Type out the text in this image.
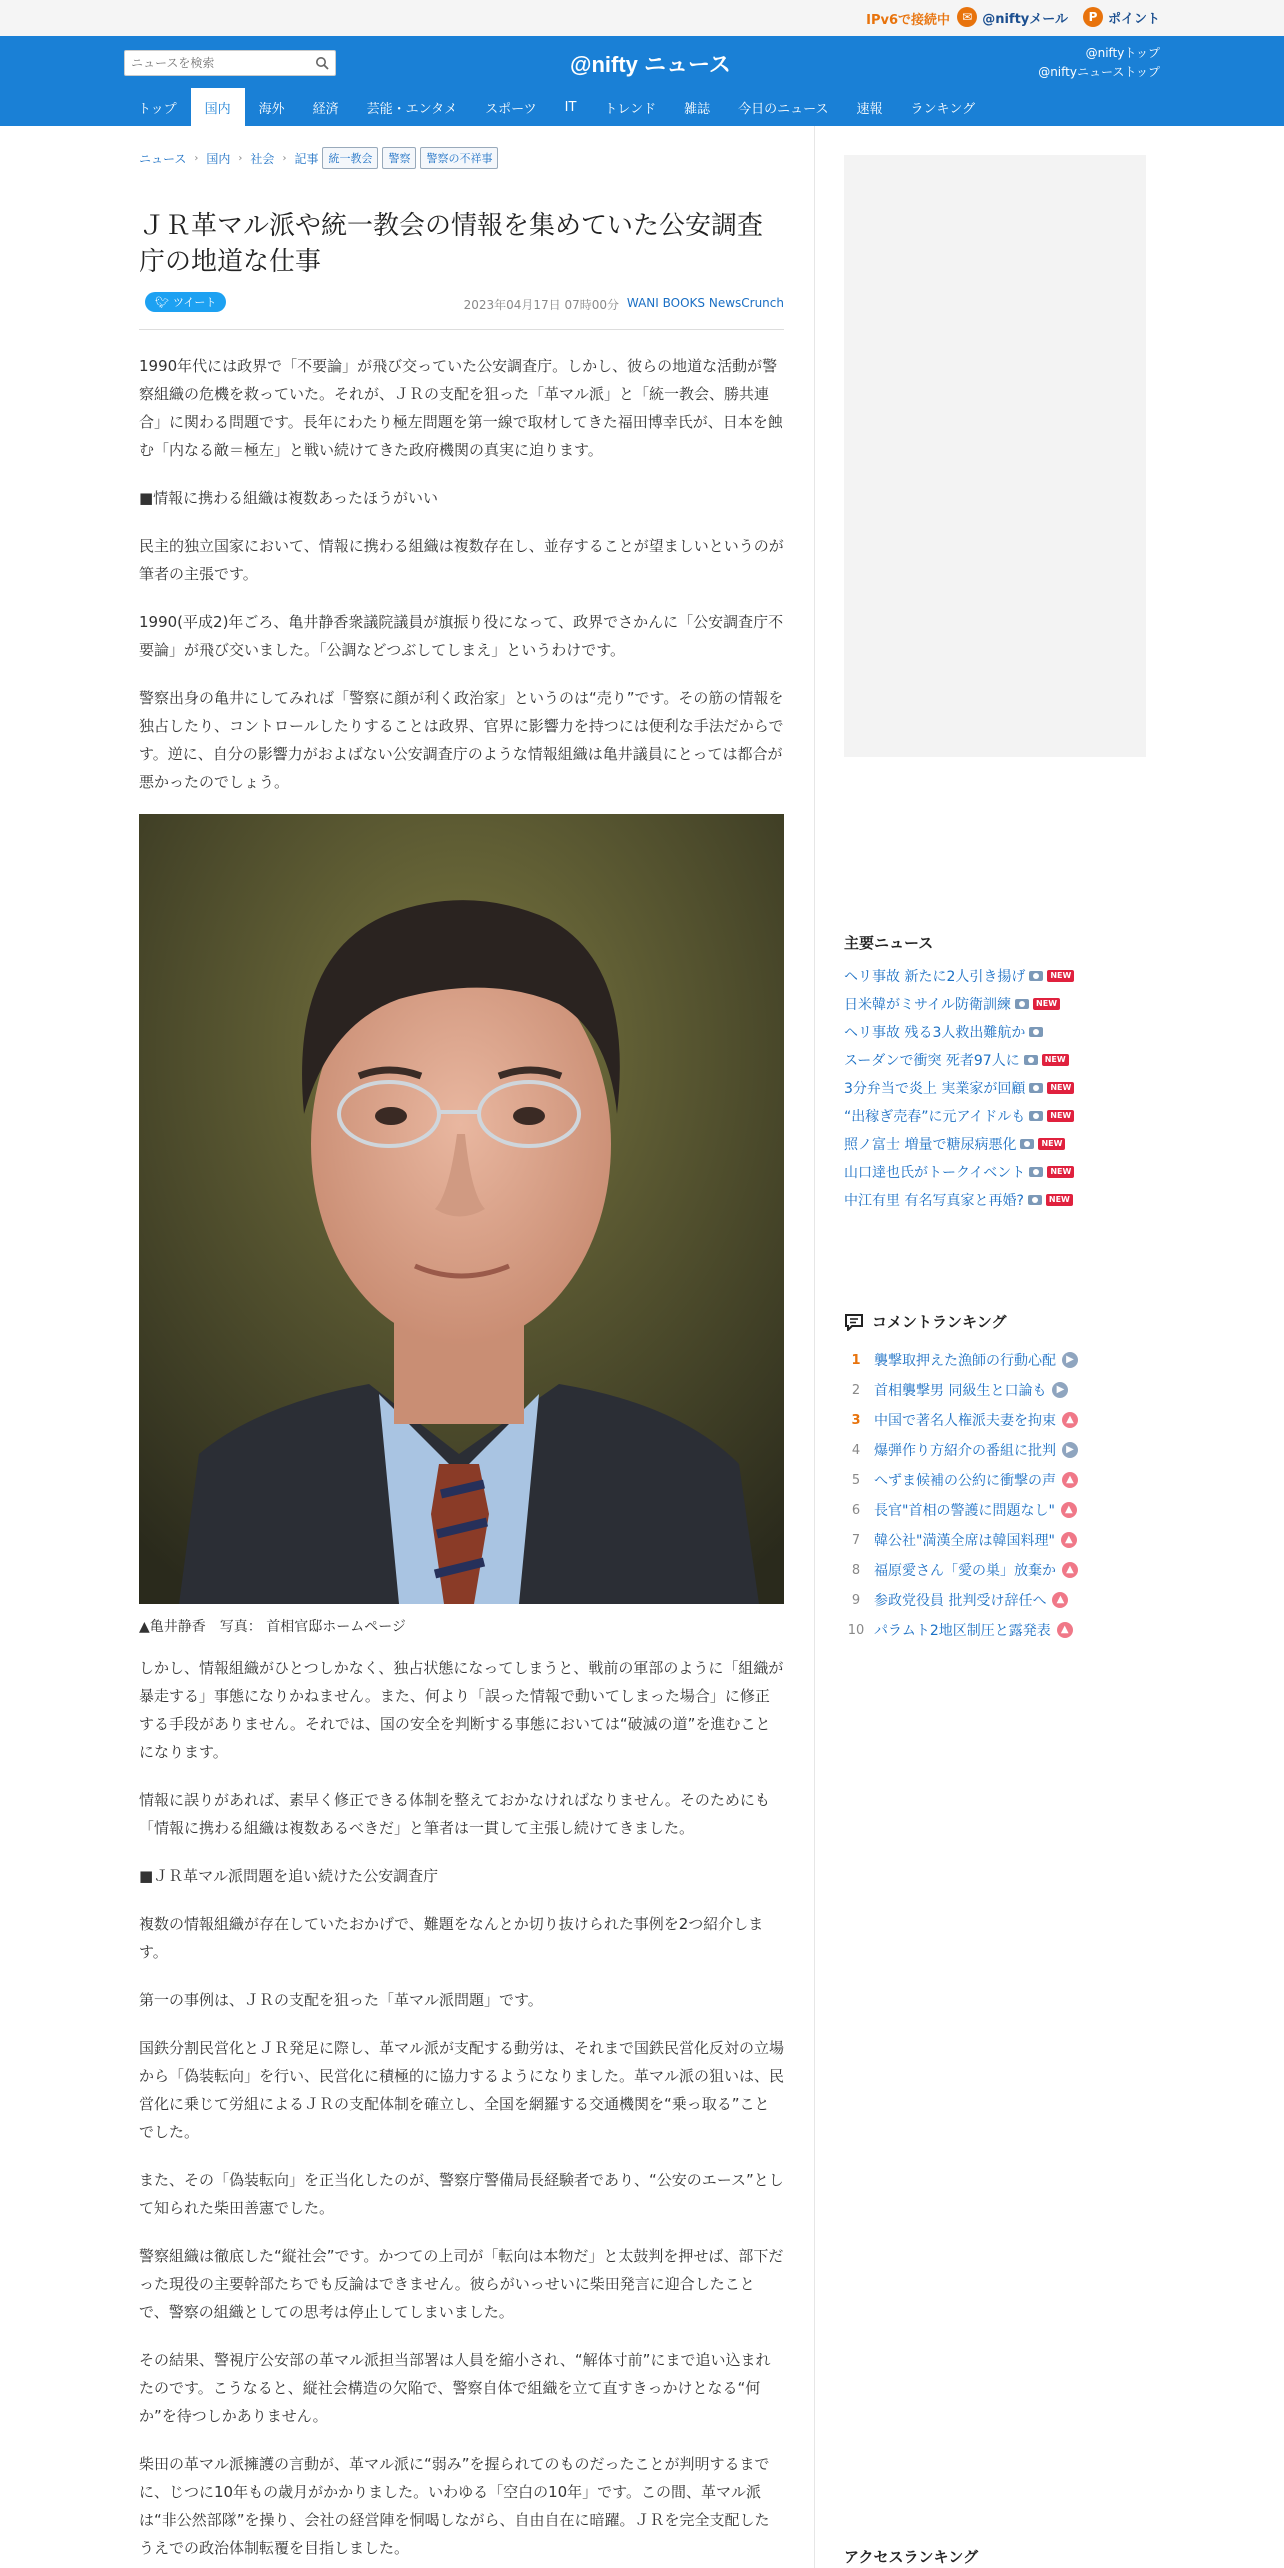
IPv6で接続中	✉ @niftyメール	P ポイント
ニュースを検索
@nifty ニュース	@niftyトップ
@niftyニューストップ
トップ	国内	海外	経済	芸能・エンタメ	スポーツ	IT	トレンド	雑誌	今日のニュース	速報	ランキング
ニュース › 国内 › 社会 › 記事 統一教会	警察	警察の不祥事
ＪＲ革マル派や統一教会の情報を集めていた公安調査庁の地道な仕事
🐦︎ ツイート	2023年04月17日 07時00分 WANI BOOKS NewsCrunch

1990年代には政界で「不要論」が飛び交っていた公安調査庁。しかし、彼らの地道な活動が警察組織の危機を救っていた。それが、ＪＲの支配を狙った「革マル派」と「統一教会、勝共連合」に関わる問題です。長年にわたり極左問題を第一線で取材してきた福田博幸氏が、日本を蝕む「内なる敵＝極左」と戦い続けてきた政府機関の真実に迫ります。

■情報に携わる組織は複数あったほうがいい

民主的独立国家において、情報に携わる組織は複数存在し、並存することが望ましいというのが筆者の主張です。

1990(平成2)年ごろ、亀井静香衆議院議員が旗振り役になって、政界でさかんに「公安調査庁不要論」が飛び交いました。「公調などつぶしてしまえ」というわけです。

警察出身の亀井にしてみれば「警察に顔が利く政治家」というのは“売り”です。その筋の情報を独占したり、コントロールしたりすることは政界、官界に影響力を持つには便利な手法だからです。逆に、自分の影響力がおよばない公安調査庁のような情報組織は亀井議員にとっては都合が悪かったのでしょう。

▲亀井静香　写真： 首相官邸ホームページ

しかし、情報組織がひとつしかなく、独占状態になってしまうと、戦前の軍部のように「組織が暴走する」事態になりかねません。また、何より「誤った情報で動いてしまった場合」に修正する手段がありません。それでは、国の安全を判断する事態においては“破滅の道”を進むことになります。

情報に誤りがあれば、素早く修正できる体制を整えておかなければなりません。そのためにも「情報に携わる組織は複数あるべきだ」と筆者は一貫して主張し続けてきました。

■ＪＲ革マル派問題を追い続けた公安調査庁

複数の情報組織が存在していたおかげで、難題をなんとか切り抜けられた事例を2つ紹介します。

第一の事例は、ＪＲの支配を狙った「革マル派問題」です。

国鉄分割民営化とＪＲ発足に際し、革マル派が支配する動労は、それまで国鉄民営化反対の立場から「偽装転向」を行い、民営化に積極的に協力するようになりました。革マル派の狙いは、民営化に乗じて労組によるＪＲの支配体制を確立し、全国を網羅する交通機関を“乗っ取る”ことでした。

また、その「偽装転向」を正当化したのが、警察庁警備局長経験者であり、“公安のエース”として知られた柴田善憲でした。

警察組織は徹底した“縦社会”です。かつての上司が「転向は本物だ」と太鼓判を押せば、部下だった現役の主要幹部たちでも反論はできません。彼らがいっせいに柴田発言に迎合したことで、警察の組織としての思考は停止してしまいました。

その結果、警視庁公安部の革マル派担当部署は人員を縮小され、“解体寸前”にまで追い込まれたのです。こうなると、縦社会構造の欠陥で、警察自体で組織を立て直すきっかけとなる“何か”を待つしかありません。

柴田の革マル派擁護の言動が、革マル派に“弱み”を握られてのものだったことが判明するまでに、じつに10年もの歳月がかかりました。いわゆる「空白の10年」です。この間、革マル派は“非公然部隊”を操り、会社の経営陣を恫喝しながら、自由自在に暗躍。ＪＲを完全支配したうえでの政治体制転覆を目指しました。

主要ニュース
ヘリ事故 新たに2人引き揚げ	NEW
日米韓がミサイル防衛訓練	NEW
ヘリ事故 残る3人救出難航か
スーダンで衝突 死者97人に	NEW
3分弁当で炎上 実業家が回顧	NEW
“出稼ぎ売春”に元アイドルも	NEW
照ノ富士 増量で糖尿病悪化	NEW
山口達也氏がトークイベント	NEW
中江有里 有名写真家と再婚?	NEW
コメントランキング
1 襲撃取押えた漁師の行動心配	▶
2 首相襲撃男 同級生と口論も	▶
3 中国で著名人権派夫妻を拘束	▲
4 爆弾作り方紹介の番組に批判	▶
5 へずま候補の公約に衝撃の声	▲
6 長官"首相の警護に問題なし"	▲
7 韓公社"満漢全席は韓国料理"	▲
8 福原愛さん「愛の巣」放棄か	▲
9 参政党役員 批判受け辞任へ	▲
10 パラムト2地区制圧と露発表	▲
アクセスランキング
